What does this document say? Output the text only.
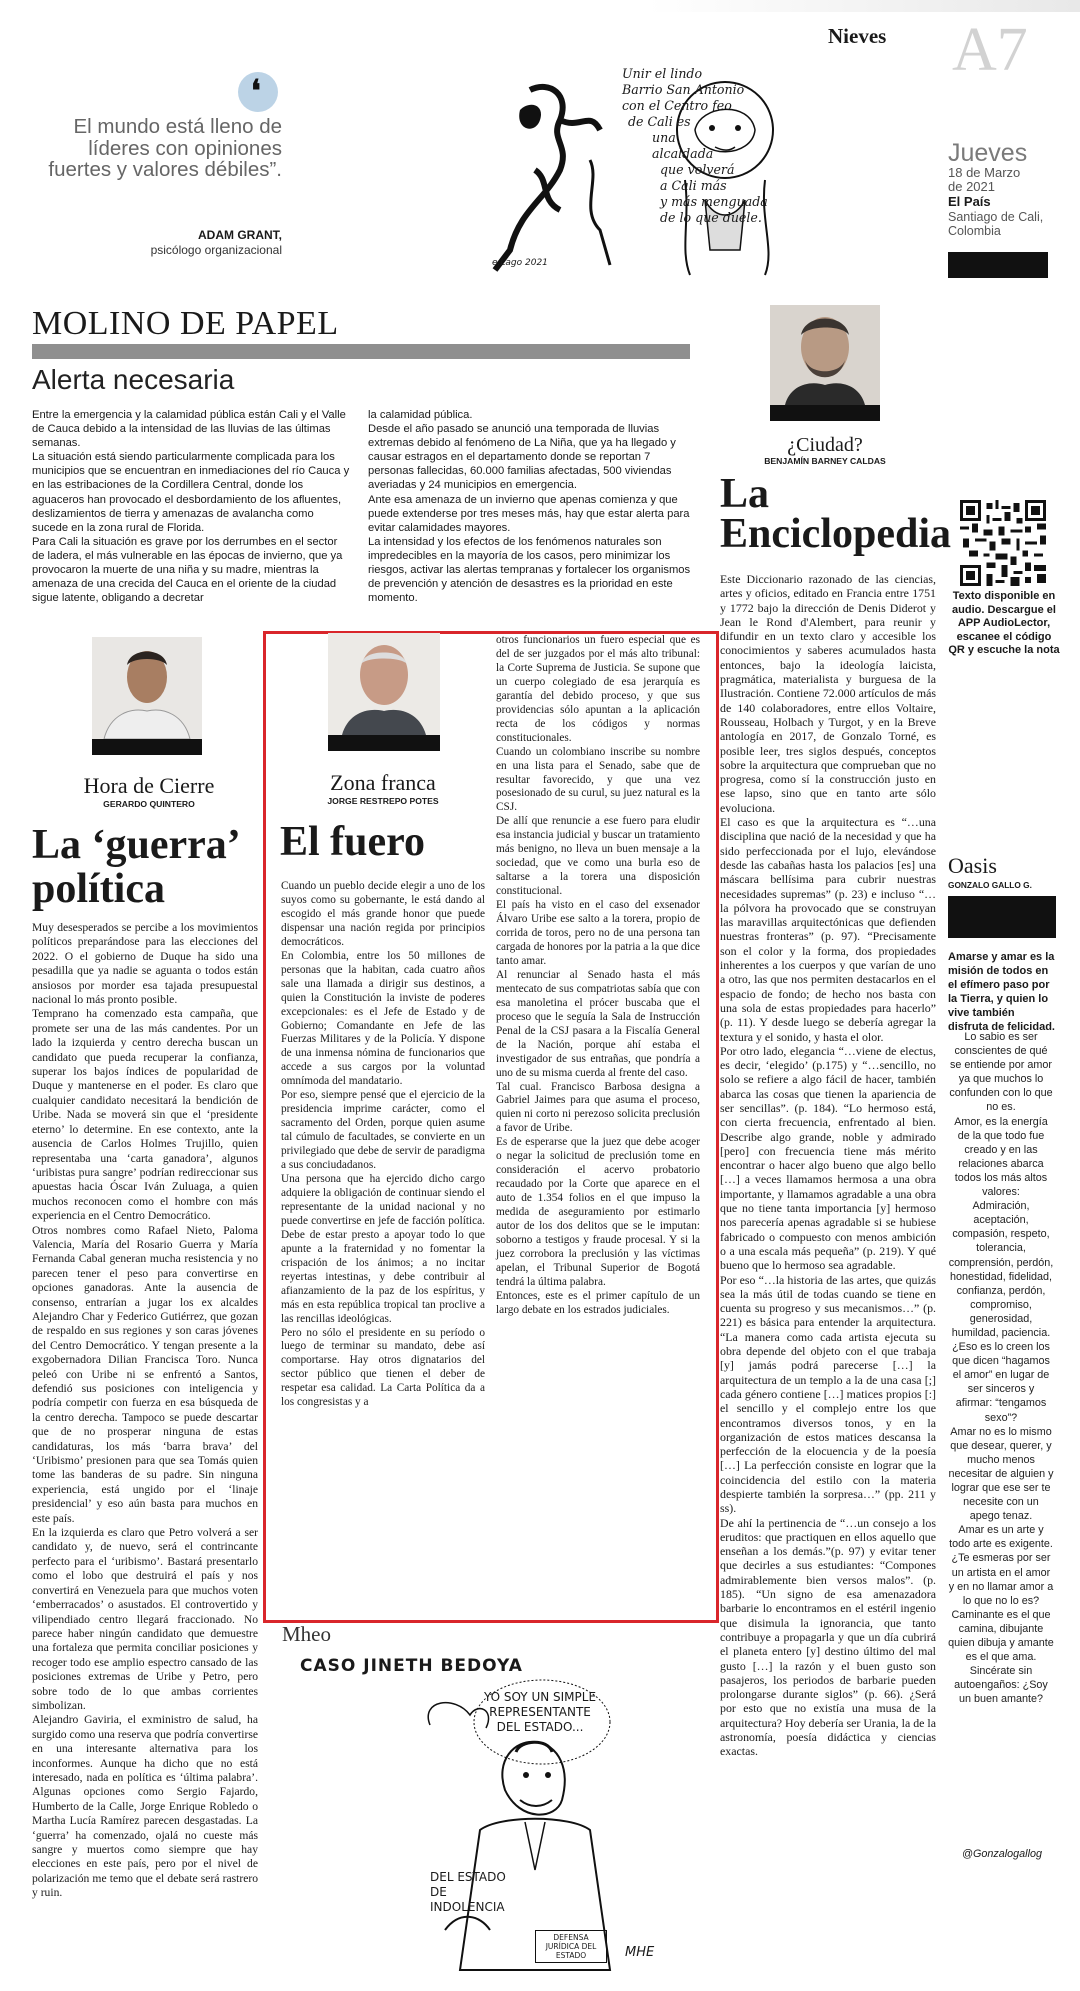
Nieves A7
Jueves
18 de Marzo
de 2021
El País
Santiago de Cali,
Colombia
❛
El mundo está lleno de líderes con opiniones fuertes y valores débiles”.
ADAM GRANT,
psicólogo organizacional
Unir el lindo
Barrio San Antonio
con el Centro feo
de Cali es
una
alcaldada
que volverá
a Cali más
y más menguada
de lo que duele.
e.Lago 2021
MOLINO DE PAPEL
Alerta necesaria
Entre la emergencia y la calamidad pública están Cali y el Valle de Cauca debido a la intensidad de las lluvias de las últimas semanas.
La situación está siendo particularmente complicada para los municipios que se encuentran en inmediaciones del río Cauca y en las estribaciones de la Cordillera Central, donde los aguaceros han provocado el desbordamiento de los afluentes, deslizamientos de tierra y amenazas de avalancha como sucede en la zona rural de Florida.
Para Cali la situación es grave por los derrumbes en el sector de ladera, el más vulnerable en las épocas de invierno, que ya provocaron la muerte de una niña y su madre, mientras la amenaza de una crecida del Cauca en el oriente de la ciudad sigue latente, obligando a decretar
la calamidad pública.
Desde el año pasado se anunció una temporada de lluvias extremas debido al fenómeno de La Niña, que ya ha llegado y causar estragos en el departamento donde se reportan 7 personas fallecidas, 60.000 familias afectadas, 500 viviendas averiadas y 24 municipios en emergencia.
Ante esa amenaza de un invierno que apenas comienza y que puede extenderse por tres meses más, hay que estar alerta para evitar calamidades mayores.
La intensidad y los efectos de los fenómenos naturales son impredecibles en la mayoría de los casos, pero minimizar los riesgos, activar las alertas tempranas y fortalecer los organismos de prevención y atención de desastres es la prioridad en este momento.
¿Ciudad?
BENJAMÍN BARNEY CALDAS
La Enciclopedia
Este Diccionario razonado de las ciencias, artes y oficios, editado en Francia entre 1751 y 1772 bajo la dirección de Denis Diderot y Jean le Rond d'Alembert, para reunir y difundir en un texto claro y accesible los conocimientos y saberes acumulados hasta entonces, bajo la ideología laicista, pragmática, materialista y burguesa de la Ilustración. Contiene 72.000 artículos de más de 140 colaboradores, entre ellos Voltaire, Rousseau, Holbach y Turgot, y en la Breve antología en 2017, de Gonzalo Torné, es posible leer, tres siglos después, conceptos sobre la arquitectura que comprueban que no progresa, como sí la construcción justo en ese lapso, sino que en tanto arte sólo evoluciona.
El caso es que la arquitectura es “…una disciplina que nació de la necesidad y que ha sido perfeccionada por el lujo, elevándose desde las cabañas hasta los palacios [es] una máscara bellísima para cubrir nuestras necesidades supremas” (p. 23) e incluso “…la pólvora ha provocado que se construyan las maravillas arquitectónicas que defienden nuestras fronteras” (p. 97). “Precisamente son el color y la forma, dos propiedades inherentes a los cuerpos y que varían de uno a otro, las que nos permiten destacarlos en el espacio de fondo; de hecho nos basta con una sola de estas propiedades para hacerlo” (p. 11). Y desde luego se debería agregar la textura y el sonido, y hasta el olor.
Por otro lado, elegancia “…viene de electus, es decir, ‘elegido’ (p.175) y “…sencillo, no solo se refiere a algo fácil de hacer, también abarca las cosas que tienen la apariencia de ser sencillas”. (p. 184). “Lo hermoso está, con cierta frecuencia, enfrentado al bien. Describe algo grande, noble y admirado [pero] con frecuencia tiene más mérito encontrar o hacer algo bueno que algo bello […] a veces llamamos hermosa a una obra importante, y llamamos agradable a una obra que no tiene tanta importancia [y] hermoso nos parecería apenas agradable si se hubiese fabricado o compuesto con menos ambición o a una escala más pequeña” (p. 219). Y qué bueno que lo hermoso sea agradable.
Por eso “…la historia de las artes, que quizás sea la más útil de todas cuando se tiene en cuenta su progreso y sus mecanismos…” (p. 221) es básica para entender la arquitectura. “La manera como cada artista ejecuta su obra depende del objeto con el que trabaja [y] jamás podrá parecerse […] la arquitectura de un templo a la de una casa [;] cada género contiene […] matices propios [:] el sencillo y el complejo entre los que encontramos diversos tonos, y en la organización de estos matices descansa la perfección de la elocuencia y de la poesía […] La perfección consiste en lograr que la coincidencia del estilo con la materia despierte también la sorpresa…” (pp. 211 y ss).
De ahí la pertinencia de “…un consejo a los eruditos: que practiquen en ellos aquello que enseñan a los demás.”(p. 97) y evitar tener que decirles a sus estudiantes: “Compones admirablemente bien versos malos”. (p. 185). “Un signo de esa amenazadora barbarie lo encontramos en el estéril ingenio que disimula la ignorancia, que tanto contribuye a propagarla y que un día cubrirá el planeta entero [y] destino último del mal gusto […] la razón y el buen gusto son pasajeros, los periodos de barbarie pueden prolongarse durante siglos” (p. 66). ¿Será por esto que no existía una musa de la arquitectura? Hoy debería ser Urania, la de la astronomía, poesía didáctica y ciencias exactas.
Texto disponible en audio. Descargue el APP AudioLector, escanee el código QR y escuche la nota
Oasis
GONZALO GALLO G.
Amarse y amar es la misión de todos en el efímero paso por la Tierra, y quien lo vive también disfruta de felicidad.
Lo sabio es ser conscientes de qué se entiende por amor ya que muchos lo confunden con lo que no es.
Amor, es la energía de la que todo fue creado y en las relaciones abarca todos los más altos valores:
Admiración, aceptación, compasión, respeto, tolerancia, comprensión, perdón, honestidad, fidelidad, confianza, perdón, compromiso, generosidad, humildad, paciencia.
¿Eso es lo creen los que dicen “hagamos el amor” en lugar de ser sinceros y afirmar: “tengamos sexo”?
Amar no es lo mismo que desear, querer, y mucho menos necesitar de alguien y lograr que ese ser te necesite con un apego tenaz.
Amar es un arte y todo arte es exigente. ¿Te esmeras por ser un artista en el amor y en no llamar amor a lo que no lo es?
Caminante es el que camina, dibujante quien dibuja y amante es el que ama. Sincérate sin autoengaños: ¿Soy un buen amante?
@Gonzalogallog
Hora de Cierre
GERARDO QUINTERO
La ‘guerra’ política
Muy desesperados se percibe a los movimientos políticos preparándose para las elecciones del 2022. O el gobierno de Duque ha sido una pesadilla que ya nadie se aguanta o todos están ansiosos por morder esa tajada presupuestal nacional lo más pronto posible.
Temprano ha comenzado esta campaña, que promete ser una de las más candentes. Por un lado la izquierda y centro derecha buscan un candidato que pueda recuperar la confianza, superar los bajos índices de popularidad de Duque y mantenerse en el poder. Es claro que cualquier candidato necesitará la bendición de Uribe. Nada se moverá sin que el ‘presidente eterno’ lo determine. En ese contexto, ante la ausencia de Carlos Holmes Trujillo, quien representaba una ‘carta ganadora’, algunos ‘uribistas pura sangre’ podrían redireccionar sus apuestas hacia Óscar Iván Zuluaga, a quien muchos reconocen como el hombre con más experiencia en el Centro Democrático.
Otros nombres como Rafael Nieto, Paloma Valencia, María del Rosario Guerra y María Fernanda Cabal generan mucha resistencia y no parecen tener el peso para convertirse en opciones ganadoras. Ante la ausencia de consenso, entrarían a jugar los ex alcaldes Alejandro Char y Federico Gutiérrez, que gozan de respaldo en sus regiones y son caras jóvenes del Centro Democrático. Y tengan presente a la exgobernadora Dilian Francisca Toro. Nunca peleó con Uribe ni se enfrentó a Santos, defendió sus posiciones con inteligencia y podría competir con fuerza en esa búsqueda de la centro derecha. Tampoco se puede descartar que de no prosperar ninguna de estas candidaturas, los más ‘barra brava’ del ‘Uribismo’ presionen para que sea Tomás quien tome las banderas de su padre. Sin ninguna experiencia, está ungido por el ‘linaje presidencial’ y eso aún basta para muchos en este país.
En la izquierda es claro que Petro volverá a ser candidato y, de nuevo, será el contrincante perfecto para el ‘uribismo’. Bastará presentarlo como el lobo que destruirá el país y nos convertirá en Venezuela para que muchos voten ‘emberracados’ o asustados. El controvertido y vilipendiado centro llegará fraccionado. No parece haber ningún candidato que demuestre una fortaleza que permita conciliar posiciones y recoger todo ese amplio espectro cansado de las posiciones extremas de Uribe y Petro, pero sobre todo de lo que ambas corrientes simbolizan.
Alejandro Gaviria, el exministro de salud, ha surgido como una reserva que podría convertirse en una interesante alternativa para los inconformes. Aunque ha dicho que no está interesado, nada en política es ‘última palabra’. Algunas opciones como Sergio Fajardo, Humberto de la Calle, Jorge Enrique Robledo o Martha Lucía Ramírez parecen desgastadas. La ‘guerra’ ha comenzado, ojalá no cueste más sangre y muertos como siempre que hay elecciones en este país, pero por el nivel de polarización me temo que el debate será rastrero y ruin.
Zona franca
JORGE RESTREPO POTES
El fuero
Cuando un pueblo decide elegir a uno de los suyos como su gobernante, le está dando al escogido el más grande honor que puede dispensar una nación regida por principios democráticos.
En Colombia, entre los 50 millones de personas que la habitan, cada cuatro años sale una llamada a dirigir sus destinos, a quien la Constitución la inviste de poderes excepcionales: es el Jefe de Estado y de Gobierno; Comandante en Jefe de las Fuerzas Militares y de la Policía. Y dispone de una inmensa nómina de funcionarios que accede a sus cargos por la voluntad omnímoda del mandatario.
Por eso, siempre pensé que el ejercicio de la presidencia imprime carácter, como el sacramento del Orden, porque quien asume tal cúmulo de facultades, se convierte en un privilegiado que debe de servir de paradigma a sus conciudadanos.
Una persona que ha ejercido dicho cargo adquiere la obligación de continuar siendo el representante de la unidad nacional y no puede convertirse en jefe de facción política. Debe de estar presto a apoyar todo lo que apunte a la fraternidad y no fomentar la crispación de los ánimos; a no incitar reyertas intestinas, y debe contribuir al afianzamiento de la paz de los espíritus, y más en esta república tropical tan proclive a las rencillas ideológicas.
Pero no sólo el presidente en su período o luego de terminar su mandato, debe así comportarse. Hay otros dignatarios del sector público que tienen el deber de respetar esa calidad. La Carta Política da a los congresistas y a
otros funcionarios un fuero especial que es del de ser juzgados por el más alto tribunal: la Corte Suprema de Justicia. Se supone que un cuerpo colegiado de esa jerarquía es garantía del debido proceso, y que sus providencias sólo apuntan a la aplicación recta de los códigos y normas constitucionales.
Cuando un colombiano inscribe su nombre en una lista para el Senado, sabe que de resultar favorecido, y que una vez posesionado de su curul, su juez natural es la CSJ.
De allí que renuncie a ese fuero para eludir esa instancia judicial y buscar un tratamiento más benigno, no lleva un buen mensaje a la sociedad, que ve como una burla eso de saltarse a la torera una disposición constitucional.
El país ha visto en el caso del exsenador Álvaro Uribe ese salto a la torera, propio de corrida de toros, pero no de una persona tan cargada de honores por la patria a la que dice tanto amar.
Al renunciar al Senado hasta el más mentecato de sus compatriotas sabía que con esa manoletina el prócer buscaba que el proceso que le seguía la Sala de Instrucción Penal de la CSJ pasara a la Fiscalía General de la Nación, porque ahí estaba el investigador de sus entrañas, que pondría a uno de su misma cuerda al frente del caso.
Tal cual. Francisco Barbosa designa a Gabriel Jaimes para que asuma el proceso, quien ni corto ni perezoso solicita preclusión a favor de Uribe.
Es de esperarse que la juez que debe acoger o negar la solicitud de preclusión tome en consideración el acervo probatorio recaudado por la Corte que aparece en el auto de 1.354 folios en el que impuso la medida de aseguramiento por estimarlo autor de los dos delitos que se le imputan: soborno a testigos y fraude procesal. Y si la juez corrobora la preclusión y las víctimas apelan, el Tribunal Superior de Bogotá tendrá la última palabra.
Entonces, este es el primer capítulo de un largo debate en los estrados judiciales.
Mheo
CASO JINETH BEDOYA
YO SOY UN SIMPLE REPRESENTANTE DEL ESTADO...
DEL ESTADO DE INDOLENCIA
DEFENSA JURÍDICA DEL ESTADO	MHE
